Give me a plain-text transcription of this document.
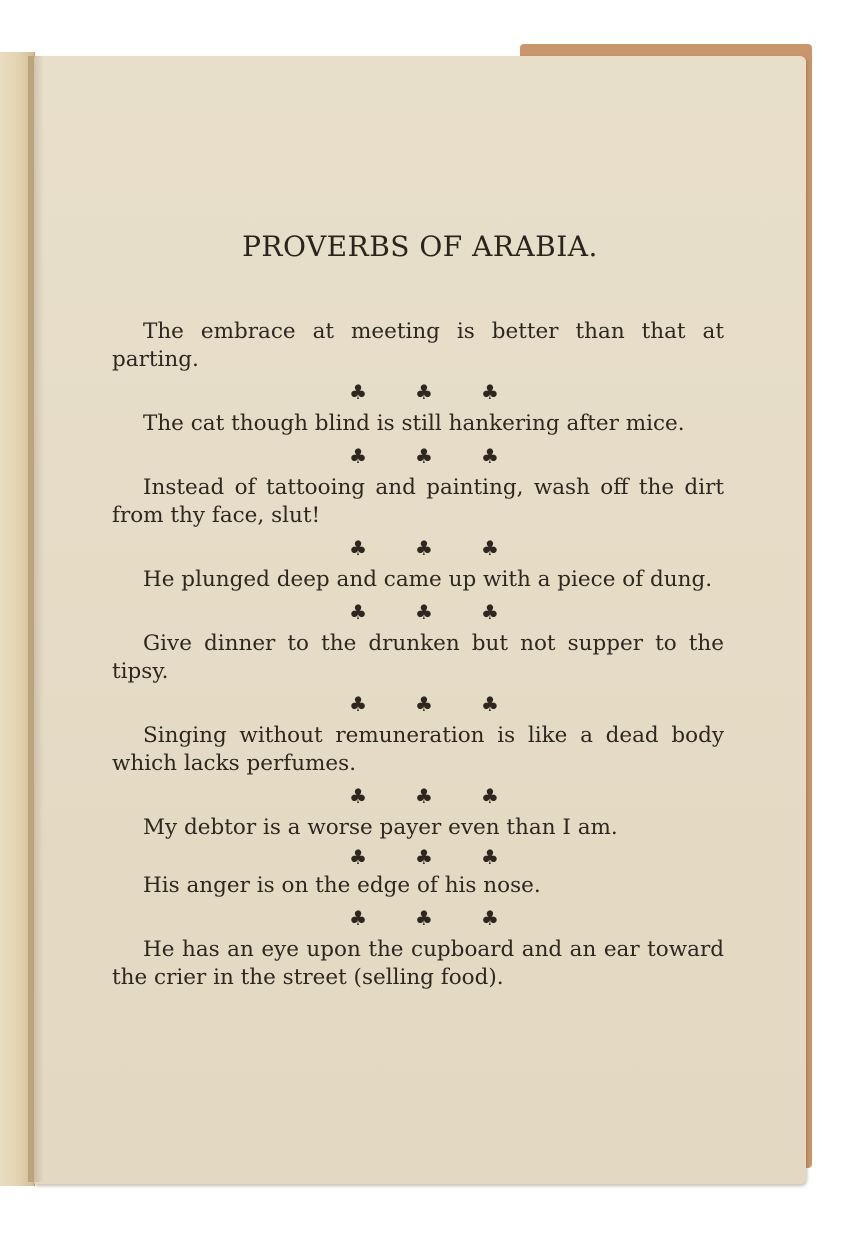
PROVERBS OF ARABIA.

The embrace at meeting is better than that at parting.

♣ ♣ ♣

The cat though blind is still hankering after mice.

♣ ♣ ♣

Instead of tattooing and painting, wash off the dirt from thy face, slut!

♣ ♣ ♣

He plunged deep and came up with a piece of dung.

♣ ♣ ♣

Give dinner to the drunken but not supper to the tipsy.

♣ ♣ ♣

Singing without remuneration is like a dead body which lacks perfumes.

♣ ♣ ♣

My debtor is a worse payer even than I am.

♣ ♣ ♣

His anger is on the edge of his nose.

♣ ♣ ♣

He has an eye upon the cupboard and an ear toward the crier in the street (selling food).
